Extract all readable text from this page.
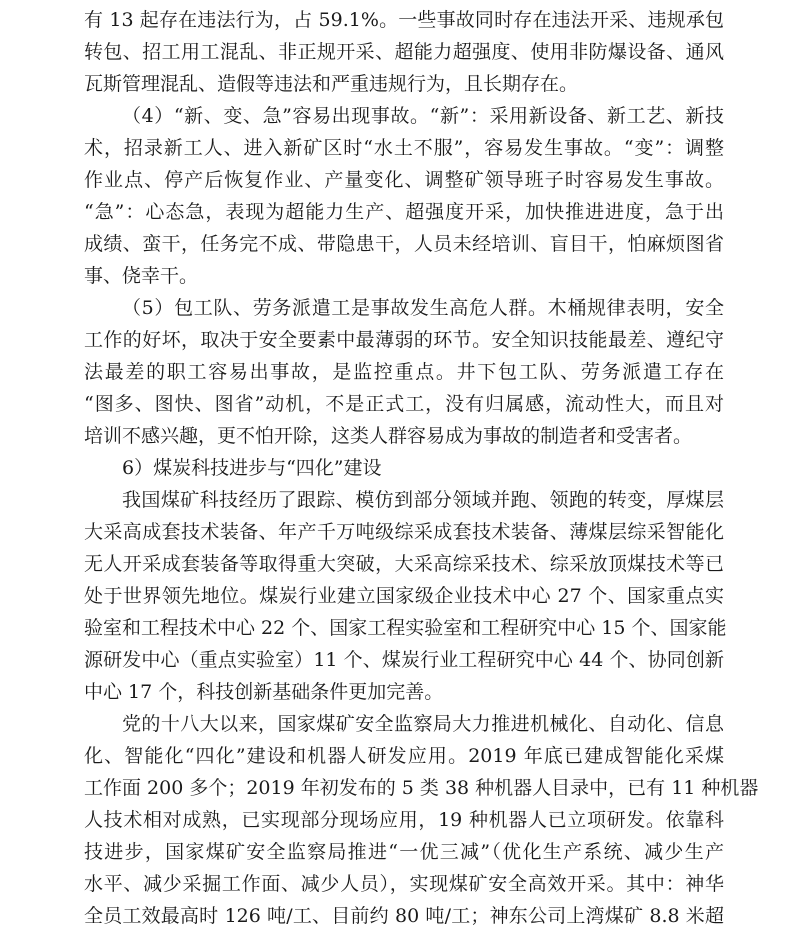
有 13 起存在违法行为，占 59.1%。一些事故同时存在违法开采、违规承包
转包、招工用工混乱、非正规开采、超能力超强度、使用非防爆设备、通风
瓦斯管理混乱、造假等违法和严重违规行为，且长期存在。
（4）“新、变、急”容易出现事故。“新”：采用新设备、新工艺、新技
术，招录新工人、进入新矿区时“水土不服”，容易发生事故。“变”：调整
作业点、停产后恢复作业、产量变化、调整矿领导班子时容易发生事故。
“急”：心态急，表现为超能力生产、超强度开采，加快推进进度，急于出
成绩、蛮干，任务完不成、带隐患干，人员未经培训、盲目干，怕麻烦图省
事、侥幸干。
（5）包工队、劳务派遣工是事故发生高危人群。木桶规律表明，安全
工作的好坏，取决于安全要素中最薄弱的环节。安全知识技能最差、遵纪守
法最差的职工容易出事故，是监控重点。井下包工队、劳务派遣工存在
“图多、图快、图省”动机，不是正式工，没有归属感，流动性大，而且对
培训不感兴趣，更不怕开除，这类人群容易成为事故的制造者和受害者。
6）煤炭科技进步与“四化”建设
我国煤矿科技经历了跟踪、模仿到部分领域并跑、领跑的转变，厚煤层
大采高成套技术装备、年产千万吨级综采成套技术装备、薄煤层综采智能化
无人开采成套装备等取得重大突破，大采高综采技术、综采放顶煤技术等已
处于世界领先地位。煤炭行业建立国家级企业技术中心 27 个、国家重点实
验室和工程技术中心 22 个、国家工程实验室和工程研究中心 15 个、国家能
源研发中心（重点实验室）11 个、煤炭行业工程研究中心 44 个、协同创新
中心 17 个，科技创新基础条件更加完善。
党的十八大以来，国家煤矿安全监察局大力推进机械化、自动化、信息
化、智能化“四化”建设和机器人研发应用。2019 年底已建成智能化采煤
工作面 200 多个；2019 年初发布的 5 类 38 种机器人目录中，已有 11 种机器
人技术相对成熟，已实现部分现场应用，19 种机器人已立项研发。依靠科
技进步，国家煤矿安全监察局推进“一优三减”（优化生产系统、减少生产
水平、减少采掘工作面、减少人员），实现煤矿安全高效开采。其中：神华
全员工效最高时 126 吨/工、目前约 80 吨/工；神东公司上湾煤矿 8.8 米超
